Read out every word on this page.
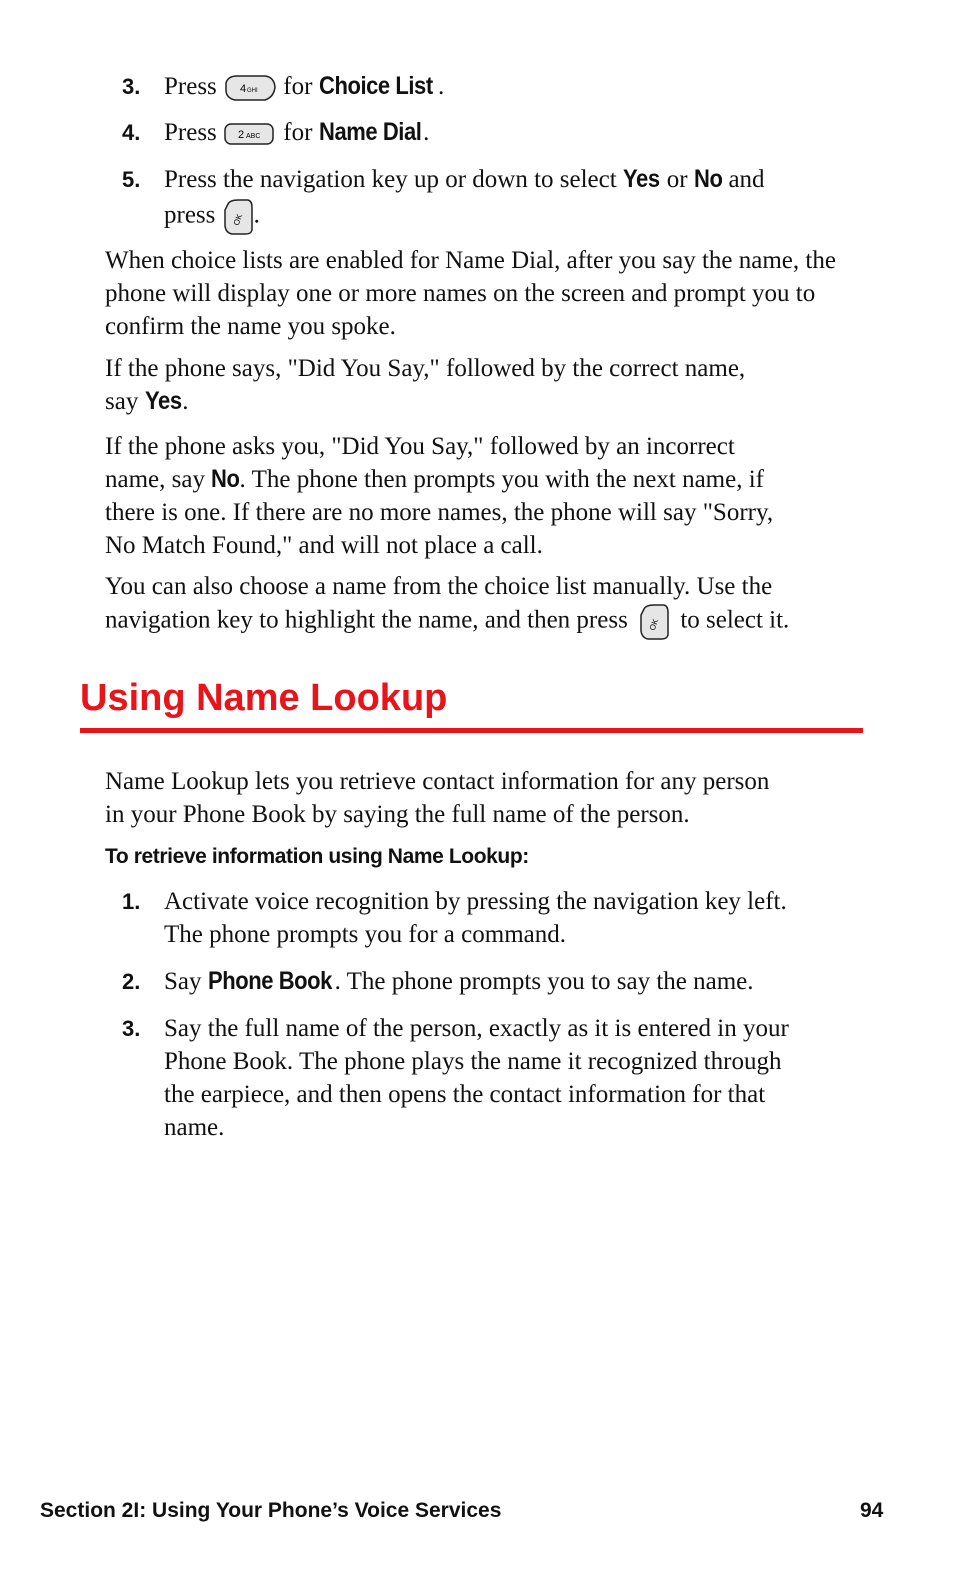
3. Press 4 GHI for Choice List .
4. Press 2 ABC for Name Dial.
5. Press the navigation key up or down to select Yes or No and
press OK .
When choice lists are enabled for Name Dial, after you say the name, the phone will display one or more names on the screen and prompt you to confirm the name you spoke.
If the phone says, "Did You Say," followed by the correct name,
say Yes.
If the phone asks you, "Did You Say," followed by an incorrect
name, say No. The phone then prompts you with the next name, if
there is one. If there are no more names, the phone will say "Sorry,
No Match Found," and will not place a call.
You can also choose a name from the choice list manually. Use the
navigation key to highlight the name, and then press	OK to select it.
Using Name Lookup
Name Lookup lets you retrieve contact information for any person
in your Phone Book by saying the full name of the person.
To retrieve information using Name Lookup:
1. Activate voice recognition by pressing the navigation key left.
The phone prompts you for a command.
2. Say Phone Book . The phone prompts you to say the name.
3. Say the full name of the person, exactly as it is entered in your
Phone Book. The phone plays the name it recognized through
the earpiece, and then opens the contact information for that
name.
Section 2I: Using Your Phone’s Voice Services	94
